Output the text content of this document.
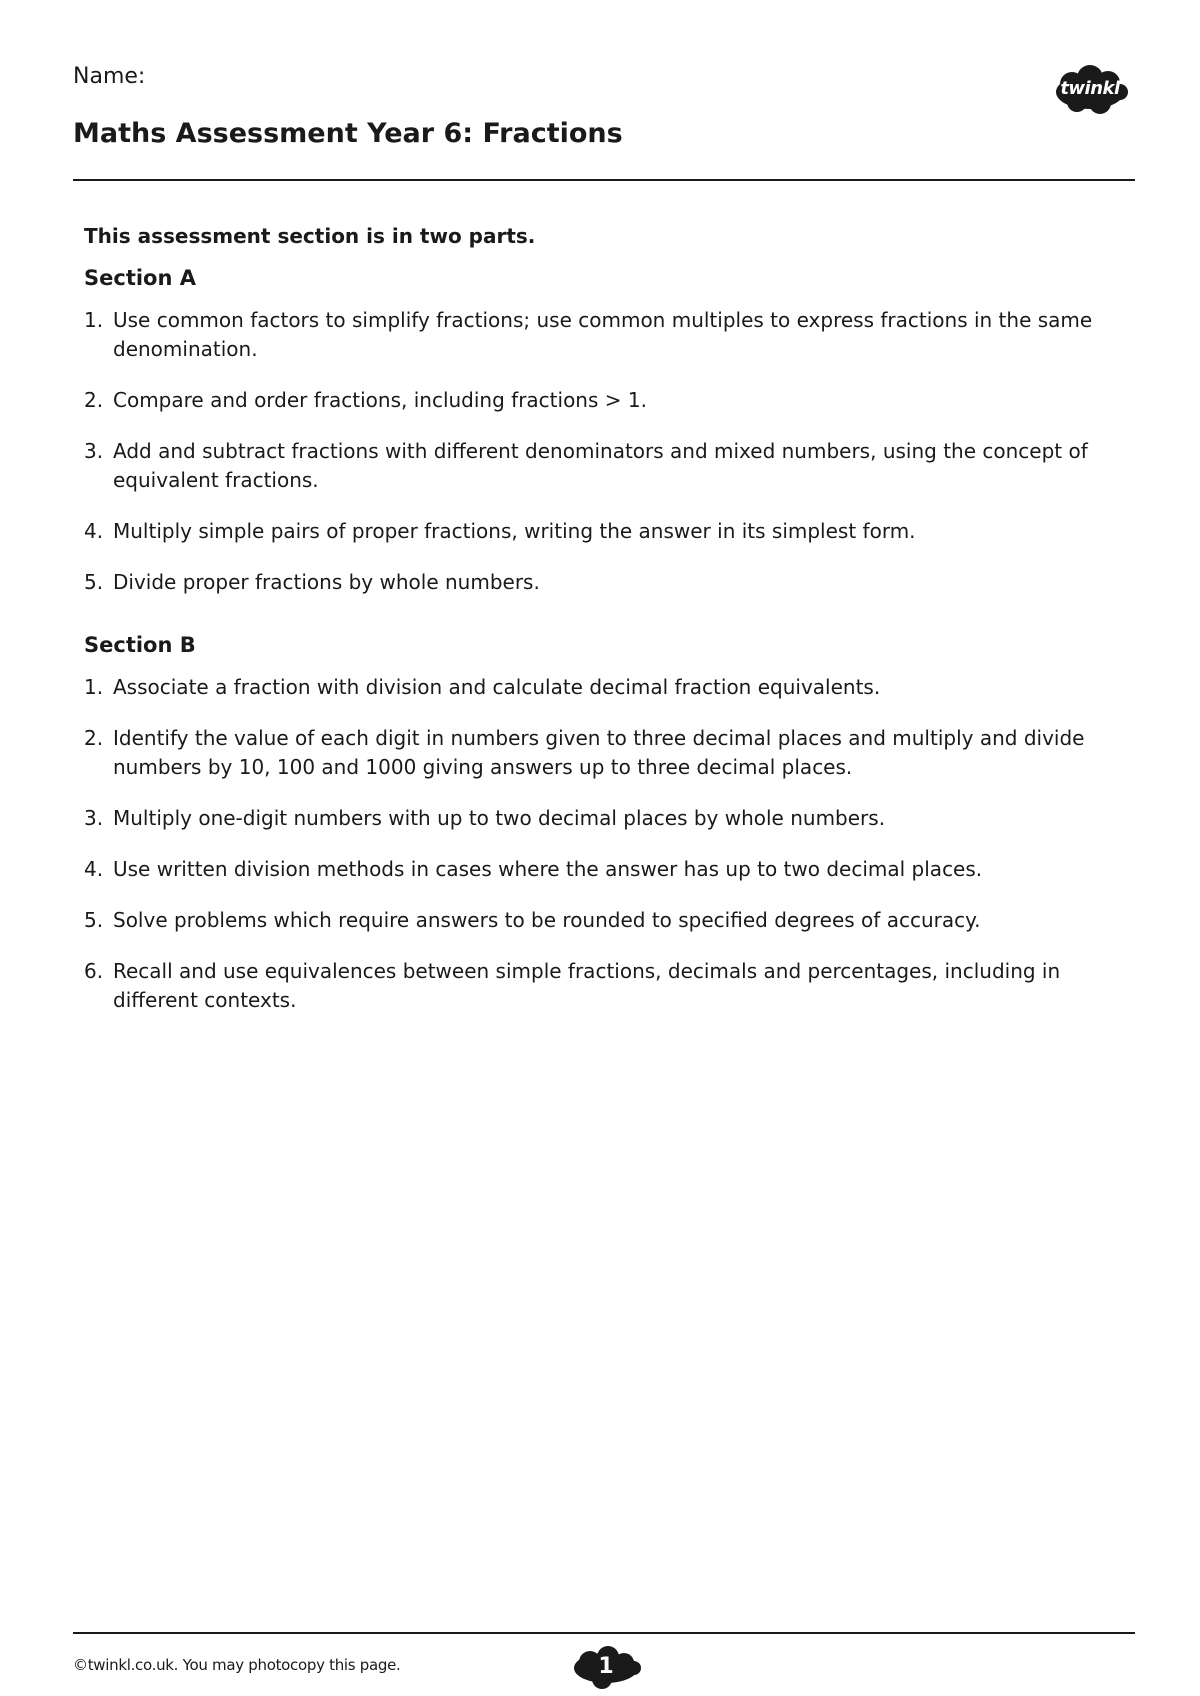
Name:	twinkl
Maths Assessment Year 6: Fractions

This assessment section is in two parts.

Section A
1. Use common factors to simplify fractions; use common multiples to express fractions in the same denomination.
2. Compare and order fractions, including fractions > 1.
3. Add and subtract fractions with different denominators and mixed numbers, using the concept of equivalent fractions.
4. Multiply simple pairs of proper fractions, writing the answer in its simplest form.
5. Divide proper fractions by whole numbers.
Section B
1. Associate a fraction with division and calculate decimal fraction equivalents.
2. Identify the value of each digit in numbers given to three decimal places and multiply and divide numbers by 10, 100 and 1000 giving answers up to three decimal places.
3. Multiply one-digit numbers with up to two decimal places by whole numbers.
4. Use written division methods in cases where the answer has up to two decimal places.
5. Solve problems which require answers to be rounded to specified degrees of accuracy.
6. Recall and use equivalences between simple fractions, decimals and percentages, including in different contexts.
©twinkl.co.uk. You may photocopy this page.	1
